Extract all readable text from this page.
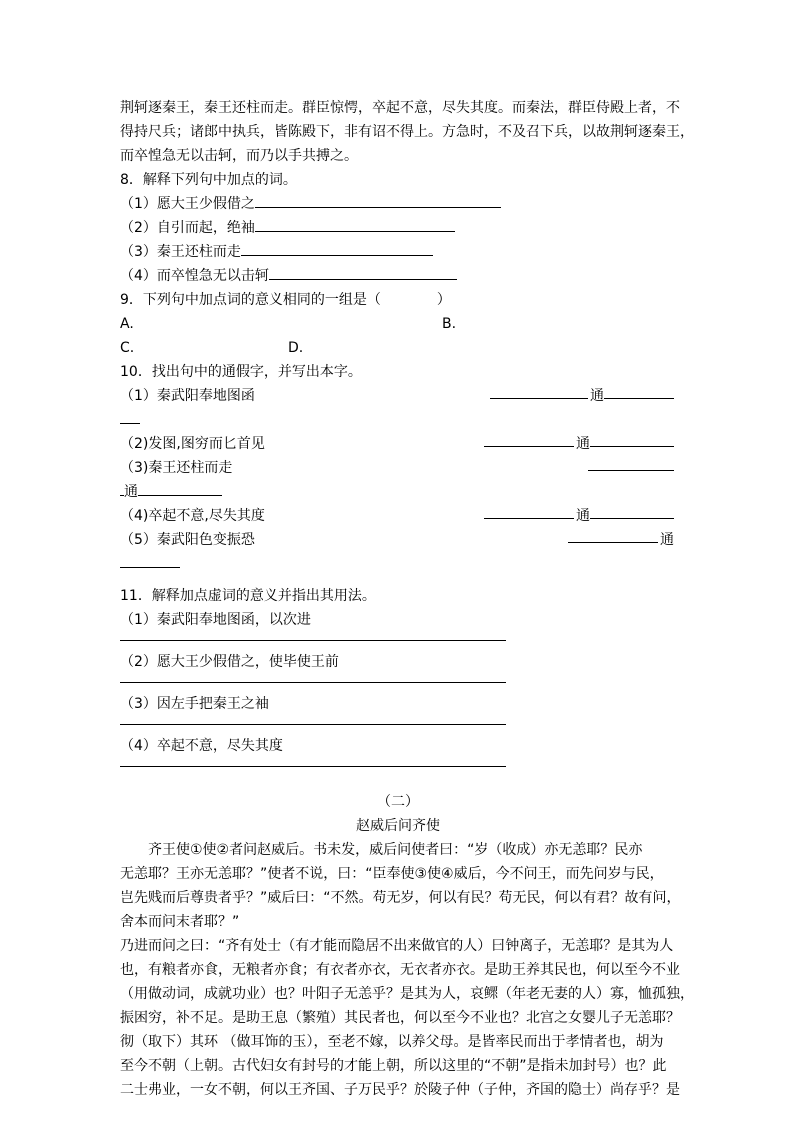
荆轲逐秦王，秦王还柱而走。群臣惊愕，卒起不意，尽失其度。而秦法，群臣侍殿上者，不
得持尺兵；诸郎中执兵，皆陈殿下，非有诏不得上。方急时，不及召下兵，以故荆轲逐秦王，
而卒惶急无以击轲，而乃以手共搏之。
8．解释下列句中加点的词。
（1）愿大王少假借之
（2）自引而起，绝袖
（3）秦王还柱而走
（4）而卒惶急无以击轲
9．下列句中加点词的意义相同的一组是（　　　　）
A.	B.
C.	D.
10．找出句中的通假字，并写出本字。
（1）秦武阳奉地图函	通
（2)发图,图穷而匕首见	通
（3)秦王还柱而走
通
（4)卒起不意,尽失其度	通
（5）秦武阳色变振恐	通
11．解释加点虚词的意义并指出其用法。
（1）秦武阳奉地图函，以次进
（2）愿大王少假借之，使毕使王前
（3）因左手把秦王之袖
（4）卒起不意，尽失其度
（二）
赵威后问齐使
齐王使①使②者问赵威后。书未发，威后问使者曰：“岁（收成）亦无恙耶？民亦
无恙耶？王亦无恙耶？”使者不说，曰：“臣奉使③使④威后，今不问王，而先问岁与民，
岂先贱而后尊贵者乎？”威后曰：“不然。苟无岁，何以有民？苟无民，何以有君？故有问，
舍本而问末者耶？”
乃进而问之曰：“齐有处士（有才能而隐居不出来做官的人）曰钟离子，无恙耶？是其为人
也，有粮者亦食，无粮者亦食；有衣者亦衣，无衣者亦衣。是助王养其民也，何以至今不业
（用做动词，成就功业）也？叶阳子无恙乎？是其为人，哀鳏（年老无妻的人）寡，恤孤独，
振困穷，补不足。是助王息（繁殖）其民者也，何以至今不业也？北宫之女婴儿子无恙耶？
彻（取下）其环 （做耳饰的玉），至老不嫁，以养父母。是皆率民而出于孝情者也，胡为
至今不朝（上朝。古代妇女有封号的才能上朝，所以这里的“不朝”是指未加封号）也？此
二士弗业，一女不朝，何以王齐国、子万民乎？於陵子仲（子仲，齐国的隐士）尚存乎？是
